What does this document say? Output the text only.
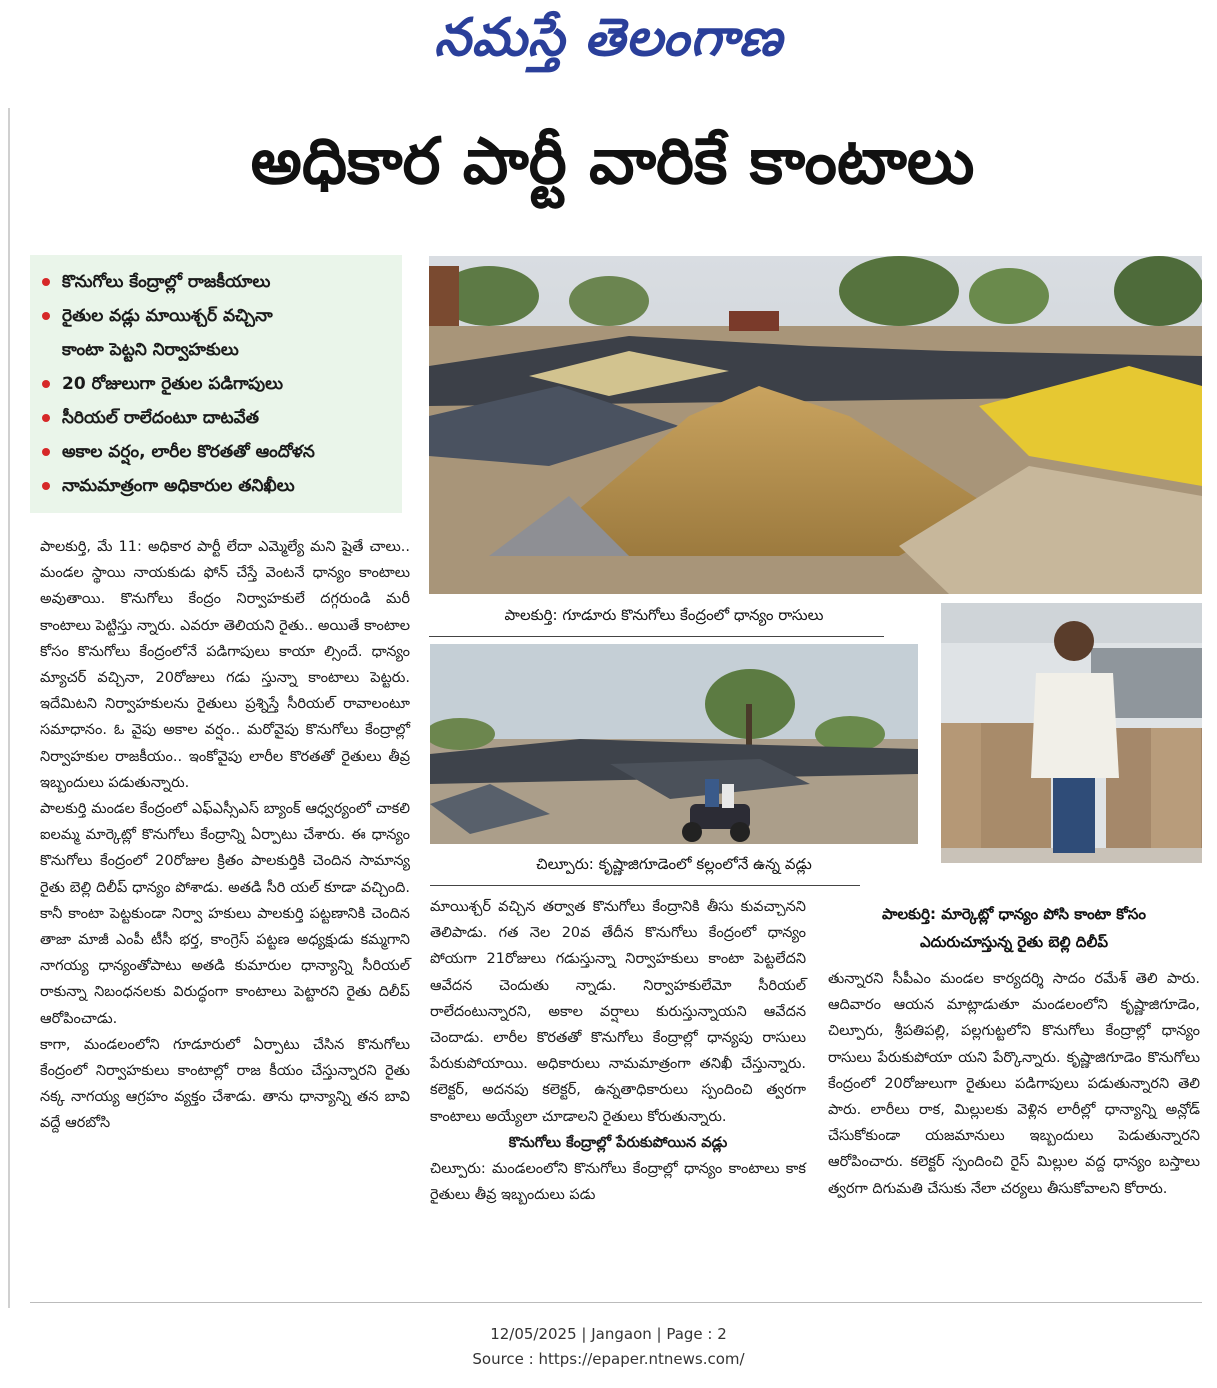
నమస్తే తెలంగాణ
అధికార పార్టీ వారికే కాంటాలు
కొనుగోలు కేంద్రాల్లో రాజకీయాలు
రైతుల వడ్లు మాయిశ్చర్ వచ్చినా
కాంటా పెట్టని నిర్వాహకులు
20 రోజులుగా రైతుల పడిగాపులు
సీరియల్ రాలేదంటూ దాటవేత
అకాల వర్షం, లారీల కొరతతో ఆందోళన
నామమాత్రంగా అధికారుల తనిఖీలు
పాలకుర్తి: గూడూరు కొనుగోలు కేంద్రంలో ధాన్యం రాసులు
చిల్పూరు: కృష్ణాజిగూడెంలో కల్లంలోనే ఉన్న వడ్లు
పాలకుర్తి: మార్కెట్లో ధాన్యం పోసి కాంటా కోసం
ఎదురుచూస్తున్న రైతు బెల్లి దిలీప్

పాలకుర్తి, మే 11: అధికార పార్టీ లేదా ఎమ్మెల్యే మని షైతే చాలు.. మండల స్థాయి నాయకుడు ఫోన్ చేస్తే వెంటనే ధాన్యం కాంటాలు అవుతాయి. కొనుగోలు కేంద్రం నిర్వాహకులే దగ్గరుండి మరీ కాంటాలు పెట్టిస్తు న్నారు. ఎవరూ తెలియని రైతు.. అయితే కాంటాల కోసం కొనుగోలు కేంద్రంలోనే పడిగాపులు కాయా ల్సిందే. ధాన్యం మ్యాచర్ వచ్చినా, 20రోజులు గడు స్తున్నా కాంటాలు పెట్టరు. ఇదేమిటని నిర్వాహకులను రైతులు ప్రశ్నిస్తే సీరియల్ రావాలంటూ సమాధానం. ఓ వైపు అకాల వర్షం.. మరోవైపు కొనుగోలు కేంద్రాల్లో నిర్వాహకుల రాజకీయం.. ఇంకోవైపు లారీల కొరతతో రైతులు తీవ్ర ఇబ్బందులు పడుతున్నారు.

పాలకుర్తి మండల కేంద్రంలో ఎఫ్ఎస్సీఎస్ బ్యాంక్ ఆధ్వర్యంలో చాకలి ఐలమ్మ మార్కెట్లో కొనుగోలు కేంద్రాన్ని ఏర్పాటు చేశారు. ఈ ధాన్యం కొనుగోలు కేంద్రంలో 20రోజుల క్రితం పాలకుర్తికి చెందిన సామాన్య రైతు బెల్లి దిలీప్ ధాన్యం పోశాడు. అతడి సీరి యల్ కూడా వచ్చింది. కానీ కాంటా పెట్టకుండా నిర్వా హకులు పాలకుర్తి పట్టణానికి చెందిన తాజా మాజీ ఎంపీ టీసీ భర్త, కాంగ్రెస్ పట్టణ అధ్యక్షుడు కమ్మగాని నాగయ్య ధాన్యంతోపాటు అతడి కుమారుల ధాన్యాన్ని సీరియల్ రాకున్నా నిబంధనలకు విరుద్ధంగా కాంటాలు పెట్టారని రైతు దిలీప్ ఆరోపించాడు.

కాగా, మండలంలోని గూడూరులో ఏర్పాటు చేసిన కొనుగోలు కేంద్రంలో నిర్వాహకులు కాంటాల్లో రాజ కీయం చేస్తున్నారని రైతు నక్క నాగయ్య ఆగ్రహం వ్యక్తం చేశాడు. తాను ధాన్యాన్ని తన బావి వద్దే ఆరబోసి

మాయిశ్చర్ వచ్చిన తర్వాత కొనుగోలు కేంద్రానికి తీసు కువచ్చానని తెలిపాడు. గత నెల 20వ తేదీన కొనుగోలు కేంద్రంలో ధాన్యం పోయగా 21రోజులు గడుస్తున్నా నిర్వాహకులు కాంటా పెట్టలేదని ఆవేదన చెందుతు న్నాడు. నిర్వాహకులేమో సీరియల్ రాలేదంటున్నారని, అకాల వర్షాలు కురుస్తున్నాయని ఆవేదన చెందాడు. లారీల కొరతతో కొనుగోలు కేంద్రాల్లో ధాన్యపు రాసులు పేరుకుపోయాయి. అధికారులు నామమాత్రంగా తనిఖీ చేస్తున్నారు. కలెక్టర్, అదనపు కలెక్టర్, ఉన్నతాధికారులు స్పందించి త్వరగా కాంటాలు అయ్యేలా చూడాలని రైతులు కోరుతున్నారు.

కొనుగోలు కేంద్రాల్లో పేరుకుపోయిన వడ్లు

చిల్పూరు: మండలంలోని కొనుగోలు కేంద్రాల్లో ధాన్యం కాంటాలు కాక రైతులు తీవ్ర ఇబ్బందులు పడు

తున్నారని సీపీఎం మండల కార్యదర్శి సాదం రమేశ్ తెలి పారు. ఆదివారం ఆయన మాట్లాడుతూ మండలంలోని కృష్ణాజిగూడెం, చిల్పూరు, శ్రీపతిపల్లి, పల్లగుట్టలోని కొనుగోలు కేంద్రాల్లో ధాన్యం రాసులు పేరుకుపోయా యని పేర్కొన్నారు. కృష్ణాజిగూడెం కొనుగోలు కేంద్రంలో 20రోజులుగా రైతులు పడిగాపులు పడుతున్నారని తెలి పారు. లారీలు రాక, మిల్లులకు వెళ్లిన లారీల్లో ధాన్యాన్ని అన్లోడ్ చేసుకోకుండా యజమానులు ఇబ్బందులు పెడుతున్నారని ఆరోపించారు. కలెక్టర్ స్పందించి రైస్ మిల్లుల వద్ద ధాన్యం బస్తాలు త్వరగా దిగుమతి చేసుకు నేలా చర్యలు తీసుకోవాలని కోరారు.

12/05/2025 | Jangaon | Page : 2
Source : https://epaper.ntnews.com/
